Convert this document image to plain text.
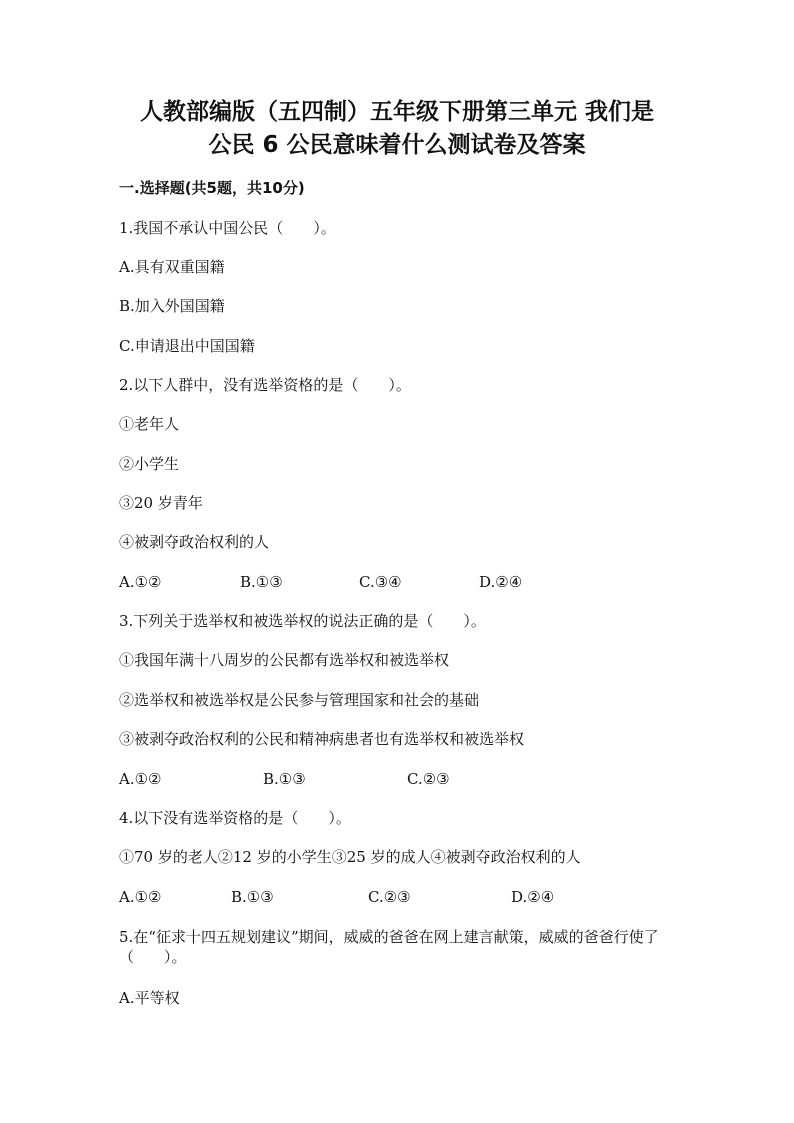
人教部编版（五四制）五年级下册第三单元 我们是
公民 6 公民意味着什么测试卷及答案
一.选择题(共5题，共10分)
1.我国不承认中国公民（　　）。
A.具有双重国籍
B.加入外国国籍
C.申请退出中国国籍
2.以下人群中，没有选举资格的是（　　）。
①老年人
②小学生
③20 岁青年
④被剥夺政治权利的人
A.①②	B.①③	C.③④	D.②④
3.下列关于选举权和被选举权的说法正确的是（　　）。
①我国年满十八周岁的公民都有选举权和被选举权
②选举权和被选举权是公民参与管理国家和社会的基础
③被剥夺政治权利的公民和精神病患者也有选举权和被选举权
A.①②	B.①③	C.②③
4.以下没有选举资格的是（　　）。
①70 岁的老人②12 岁的小学生③25 岁的成人④被剥夺政治权利的人
A.①②	B.①③	C.②③	D.②④
5.在“征求十四五规划建议”期间，威威的爸爸在网上建言献策，威威的爸爸行使了（　　）。
A.平等权
